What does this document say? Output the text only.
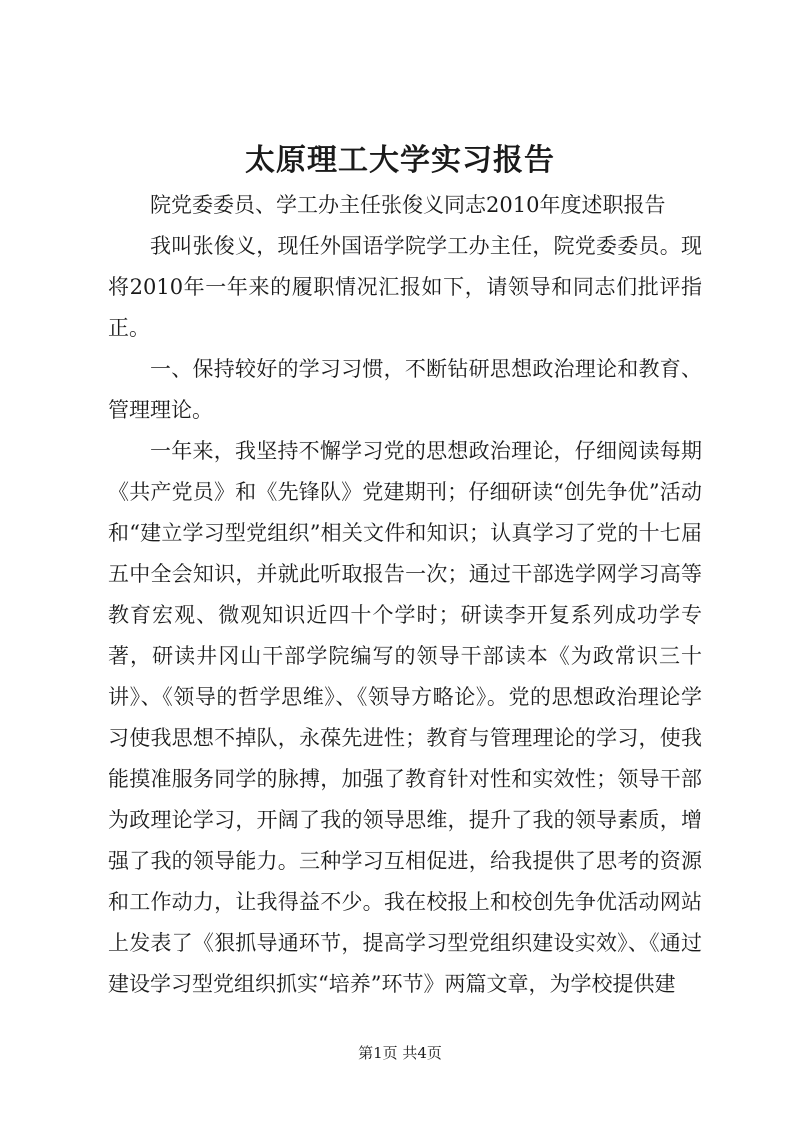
太原理工大学实习报告

院党委委员、学工办主任张俊义同志2010年度述职报告

我叫张俊义，现任外国语学院学工办主任，院党委委员。现将2010年一年来的履职情况汇报如下，请领导和同志们批评指正。

一、保持较好的学习习惯，不断钻研思想政治理论和教育、管理理论。

一年来，我坚持不懈学习党的思想政治理论，仔细阅读每期《共产党员》和《先锋队》党建期刊；仔细研读“创先争优”活动和“建立学习型党组织”相关文件和知识；认真学习了党的十七届五中全会知识，并就此听取报告一次；通过干部选学网学习高等教育宏观、微观知识近四十个学时；研读李开复系列成功学专著，研读井冈山干部学院编写的领导干部读本《为政常识三十讲》、《领导的哲学思维》、《领导方略论》。党的思想政治理论学习使我思想不掉队，永葆先进性；教育与管理理论的学习，使我能摸准服务同学的脉搏，加强了教育针对性和实效性；领导干部为政理论学习，开阔了我的领导思维，提升了我的领导素质，增强了我的领导能力。三种学习互相促进，给我提供了思考的资源和工作动力，让我得益不少。我在校报上和校创先争优活动网站上发表了《狠抓导通环节，提高学习型党组织建设实效》、《通过建设学习型党组织抓实“培养”环节》两篇文章，为学校提供建

第1页 共4页
